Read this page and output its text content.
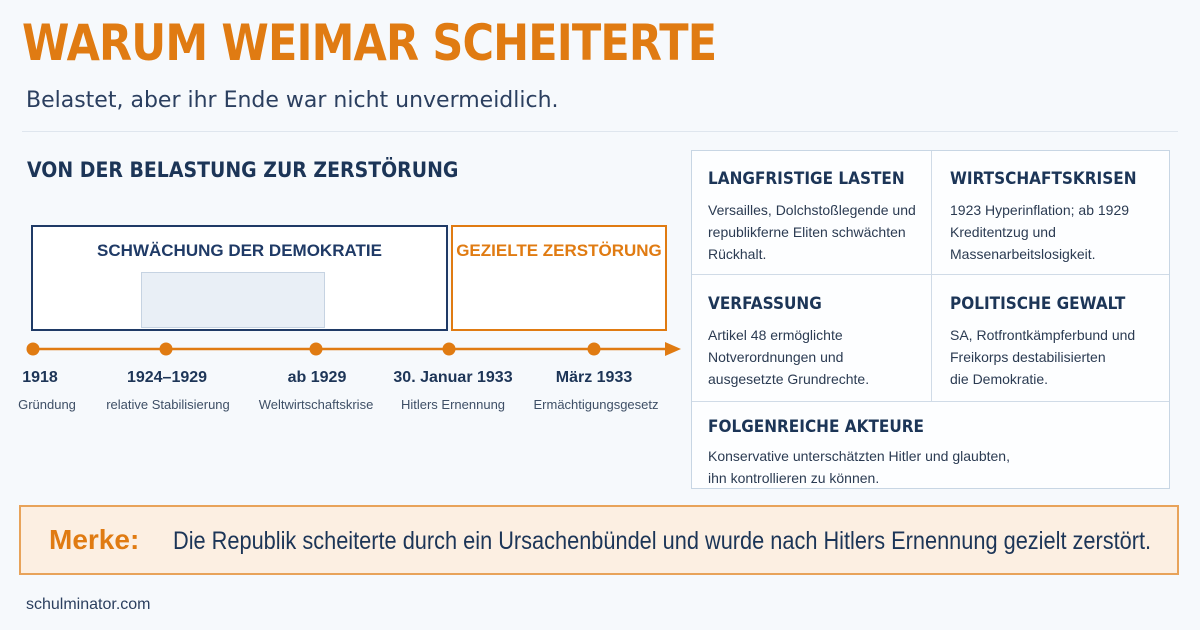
WARUM WEIMAR SCHEITERTE
Belastet, aber ihr Ende war nicht unvermeidlich.
VON DER BELASTUNG ZUR ZERSTÖRUNG
SCHWÄCHUNG DER DEMOKRATIE	GEZIELTE ZERSTÖRUNG
1918
Gründung
1924–1929
relative Stabilisierung
ab 1929
Weltwirtschaftskrise
30. Januar 1933
Hitlers Ernennung
März 1933
Ermächtigungsgesetz
LANGFRISTIGE LASTEN
Versailles, Dolchstoßlegende und
republikferne Eliten schwächten
Rückhalt.
WIRTSCHAFTSKRISEN
1923 Hyperinflation; ab 1929
Kreditentzug und
Massenarbeitslosigkeit.
VERFASSUNG
Artikel 48 ermöglichte
Notverordnungen und
ausgesetzte Grundrechte.
POLITISCHE GEWALT
SA, Rotfrontkämpferbund und
Freikorps destabilisierten
die Demokratie.
FOLGENREICHE AKTEURE
Konservative unterschätzten Hitler und glaubten,
ihn kontrollieren zu können.
Merke: Die Republik scheiterte durch ein Ursachenbündel und wurde nach Hitlers Ernennung gezielt zerstört.
schulminator.com
